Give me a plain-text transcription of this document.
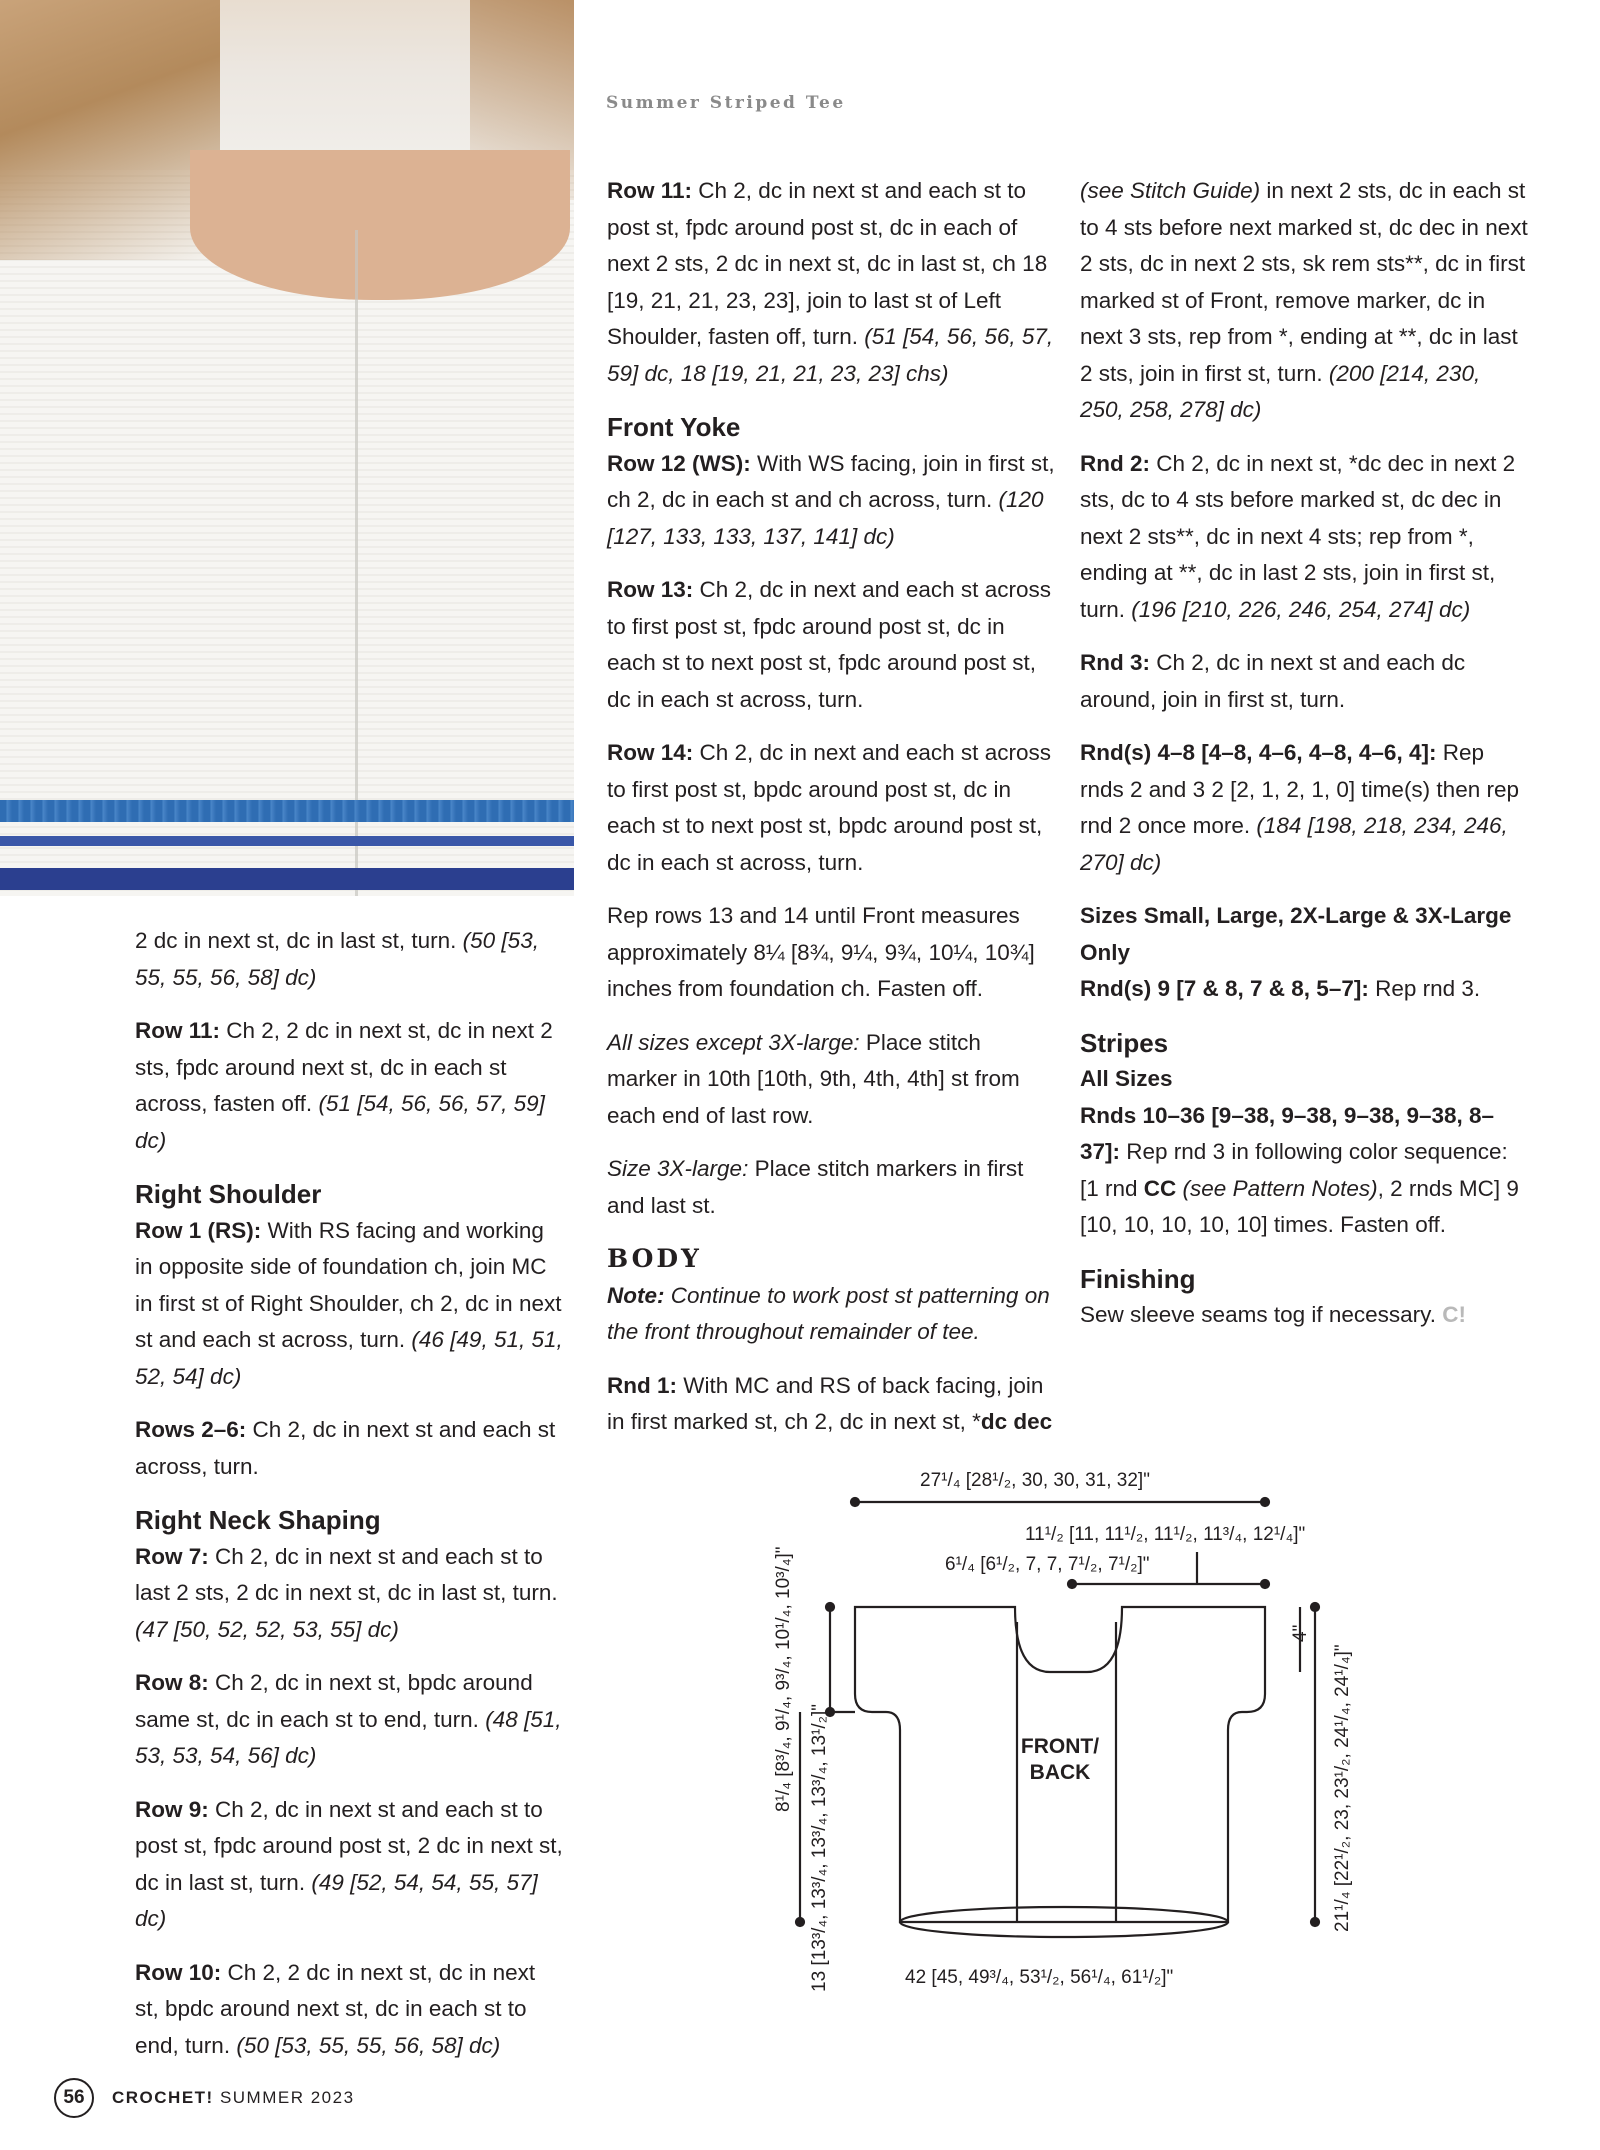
Summer Striped Tee

2 dc in next st, dc in last st, turn. (50 [53, 55, 55, 56, 58] dc)

Row 11: Ch 2, 2 dc in next st, dc in next 2 sts, fpdc around next st, dc in each st across, fasten off. (51 [54, 56, 56, 57, 59] dc)

Right Shoulder

Row 1 (RS): With RS facing and working in opposite side of foundation ch, join MC in first st of Right Shoulder, ch 2, dc in next st and each st across, turn. (46 [49, 51, 51, 52, 54] dc)

Rows 2–6: Ch 2, dc in next st and each st across, turn.

Right Neck Shaping

Row 7: Ch 2, dc in next st and each st to last 2 sts, 2 dc in next st, dc in last st, turn. (47 [50, 52, 52, 53, 55] dc)

Row 8: Ch 2, dc in next st, bpdc around same st, dc in each st to end, turn. (48 [51, 53, 53, 54, 56] dc)

Row 9: Ch 2, dc in next st and each st to post st, fpdc around post st, 2 dc in next st, dc in last st, turn. (49 [52, 54, 54, 55, 57] dc)

Row 10: Ch 2, 2 dc in next st, dc in next st, bpdc around next st, dc in each st to end, turn. (50 [53, 55, 55, 56, 58] dc)

Row 11: Ch 2, dc in next st and each st to post st, fpdc around post st, dc in each of next 2 sts, 2 dc in next st, dc in last st, ch 18 [19, 21, 21, 23, 23], join to last st of Left Shoulder, fasten off, turn. (51 [54, 56, 56, 57, 59] dc, 18 [19, 21, 21, 23, 23] chs)

Front Yoke

Row 12 (WS): With WS facing, join in first st, ch 2, dc in each st and ch across, turn. (120 [127, 133, 133, 137, 141] dc)

Row 13: Ch 2, dc in next and each st across to first post st, fpdc around post st, dc in each st to next post st, fpdc around post st, dc in each st across, turn.

Row 14: Ch 2, dc in next and each st across to first post st, bpdc around post st, dc in each st to next post st, bpdc around post st, dc in each st across, turn.

Rep rows 13 and 14 until Front measures approximately 8¼ [8¾, 9¼, 9¾, 10¼, 10¾] inches from foundation ch. Fasten off.

All sizes except 3X-large: Place stitch marker in 10th [10th, 9th, 4th, 4th] st from each end of last row.

Size 3X-large: Place stitch markers in first and last st.

BODY

Note: Continue to work post st patterning on the front throughout remainder of tee.

Rnd 1: With MC and RS of back facing, join in first marked st, ch 2, dc in next st, *dc dec

(see Stitch Guide) in next 2 sts, dc in each st to 4 sts before next marked st, dc dec in next 2 sts, dc in next 2 sts, sk rem sts**, dc in first marked st of Front, remove marker, dc in next 3 sts, rep from *, ending at **, dc in last 2 sts, join in first st, turn. (200 [214, 230, 250, 258, 278] dc)

Rnd 2: Ch 2, dc in next st, *dc dec in next 2 sts, dc to 4 sts before marked st, dc dec in next 2 sts**, dc in next 4 sts; rep from *, ending at **, dc in last 2 sts, join in first st, turn. (196 [210, 226, 246, 254, 274] dc)

Rnd 3: Ch 2, dc in next st and each dc around, join in first st, turn.

Rnd(s) 4–8 [4–8, 4–6, 4–8, 4–6, 4]: Rep rnds 2 and 3 2 [2, 1, 2, 1, 0] time(s) then rep rnd 2 once more. (184 [198, 218, 234, 246, 270] dc)

Sizes Small, Large, 2X-Large & 3X-Large Only

Rnd(s) 9 [7 & 8, 7 & 8, 5–7]: Rep rnd 3.

Stripes
All Sizes

Rnds 10–36 [9–38, 9–38, 9–38, 9–38, 8–37]: Rep rnd 3 in following color sequence: [1 rnd CC (see Pattern Notes), 2 rnds MC] 9 [10, 10, 10, 10, 10] times. Fasten off.

Finishing

Sew sleeve seams tog if necessary. C!

27¹/₄ [28¹/₂, 30, 30, 31, 32]"
11¹/₂ [11, 11¹/₂, 11¹/₂, 11³/₄, 12¹/₄]"
6¹/₄ [6¹/₂, 7, 7, 7¹/₂, 7¹/₂]"
42 [45, 49³/₄, 53¹/₂, 56¹/₄, 61¹/₂]"
4"
21¹/₄ [22¹/₂, 23, 23¹/₂, 24¹/₄, 24¹/₄]"
8¹/₄ [8³/₄, 9¹/₄, 9³/₄, 10¹/₄, 10³/₄]"
13 [13³/₄, 13³/₄, 13³/₄, 13³/₄, 13¹/₂]"	FRONT/ BACK
56	CROCHET! SUMMER 2023
